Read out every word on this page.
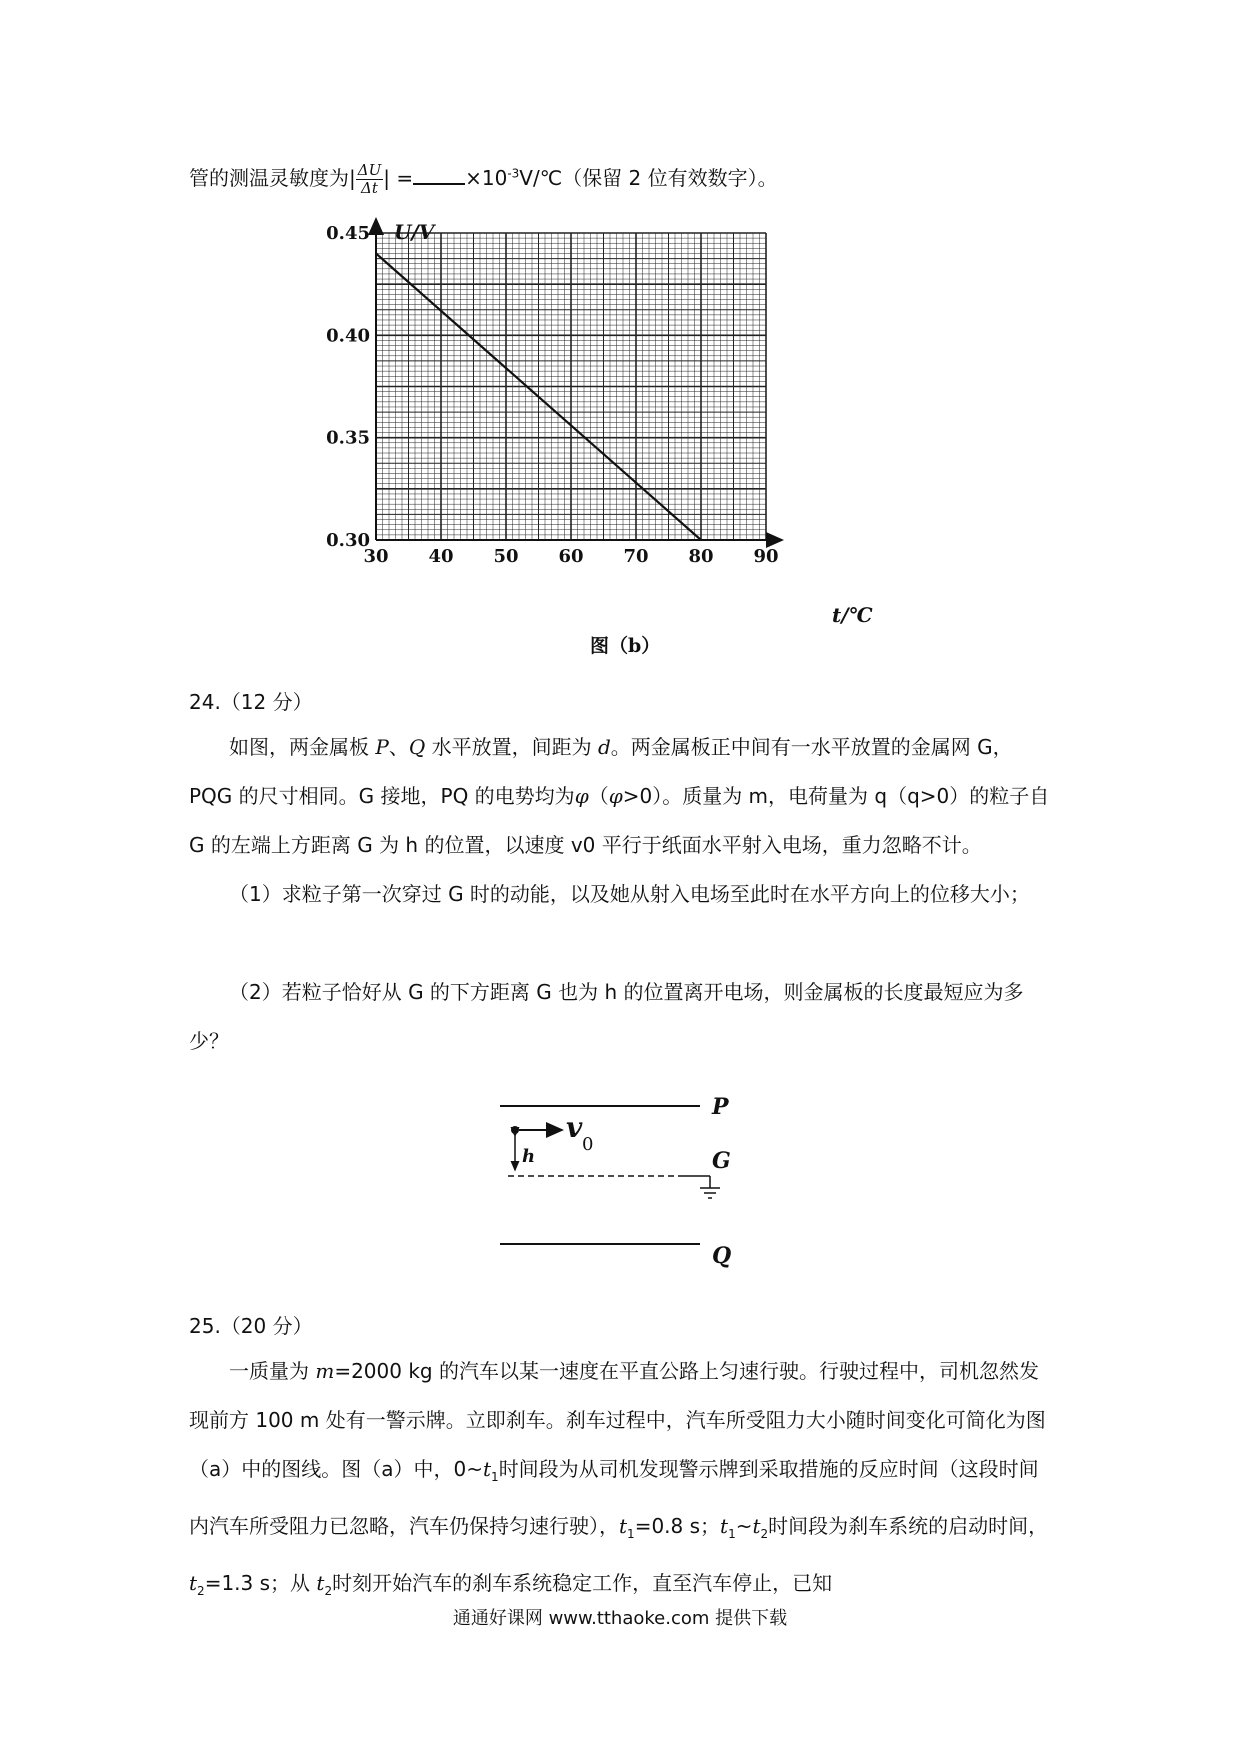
管的测温灵敏度为| $\frac{\Delta U}{\Delta t}$ | =	$\times 10^{-3}V/℃$（保留 2 位有效数字）。
30 40 50 60 70 80 90
0.30
0.35
0.40
0.45 U/V
t/℃
图（b）
24.（12 分）
如图，两金属板 P、Q 水平放置，间距为 d。两金属板正中间有一水平放置的金属网 G，PQG 的尺寸相同。G 接地，PQ 的电势均为φ（φ>0）。质量为 m，电荷量为 q（q>0）的粒子自 G 的左端上方距离 G 为 h 的位置，以速度 v0 平行于纸面水平射入电场，重力忽略不计。
（1）求粒子第一次穿过 G 时的动能，以及她从射入电场至此时在水平方向上的位移大小；
（2）若粒子恰好从 G 的下方距离 G 也为 h 的位置离开电场，则金属板的长度最短应为多少？
P
v
0
h	G
Q
25.（20 分）
一质量为 m=2000 kg 的汽车以某一速度在平直公路上匀速行驶。行驶过程中，司机忽然发现前方 100 m 处有一警示牌。立即刹车。刹车过程中，汽车所受阻力大小随时间变化可简化为图（a）中的图线。图（a）中，$0\sim t_1$时间段为从司机发现警示牌到采取措施的反应时间（这段时间内汽车所受阻力已忽略，汽车仍保持匀速行驶），$t_1=0.8$ s；$t_1\sim t_2$时间段为刹车系统的启动时间，$t_2=1.3$ s；从 $t_2$时刻开始汽车的刹车系统稳定工作，直至汽车停止，已知
通通好课网 www.tthaoke.com 提供下载
